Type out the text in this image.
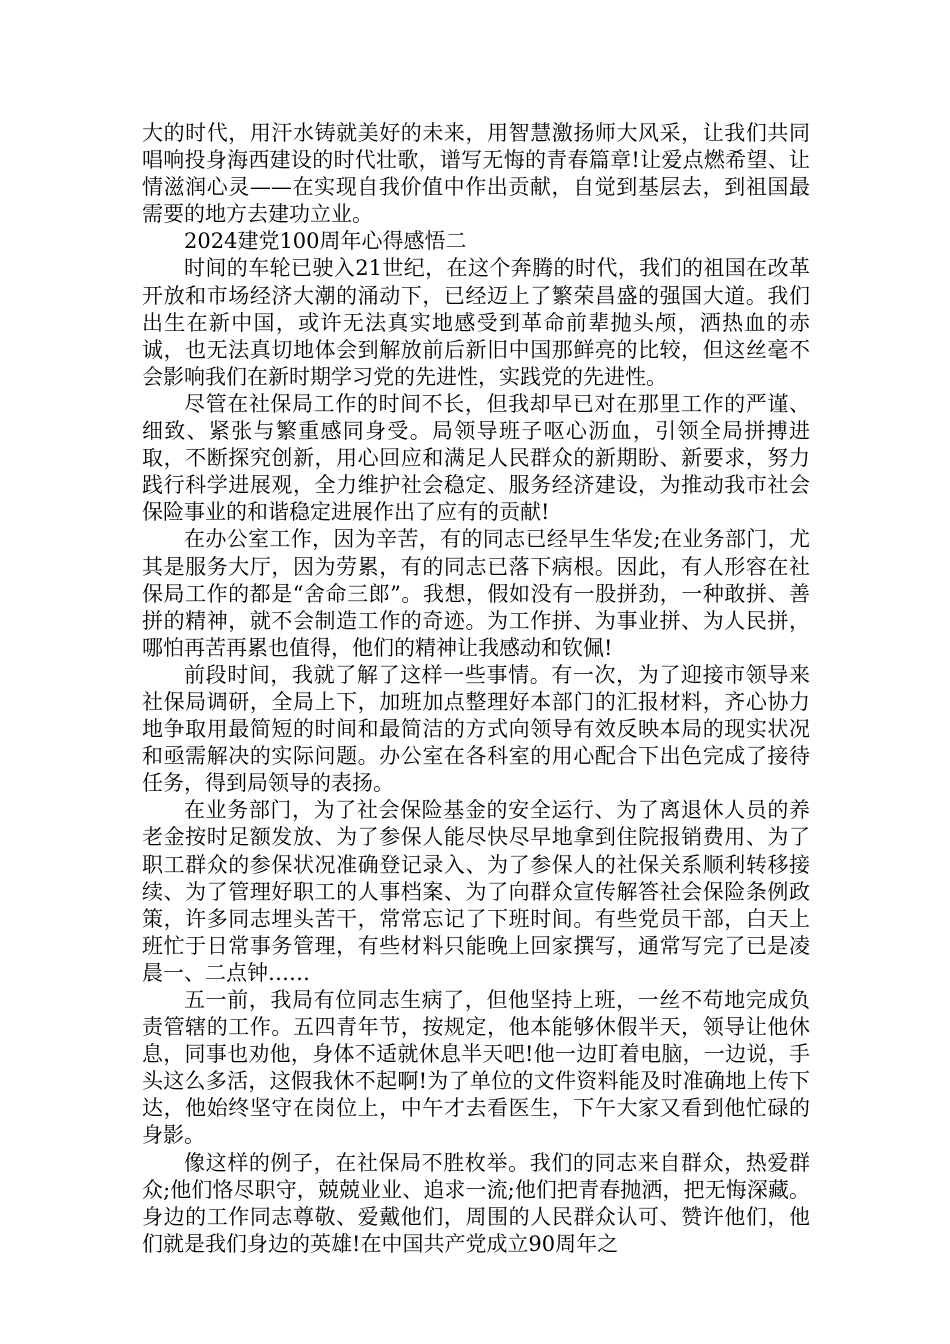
大的时代，用汗水铸就美好的未来，用智慧激扬师大风采，让我们共同唱响投身海西建设的时代壮歌，谱写无悔的青春篇章!让爱点燃希望、让情滋润心灵——在实现自我价值中作出贡献，自觉到基层去，到祖国最需要的地方去建功立业。

2024建党100周年心得感悟二

时间的车轮已驶入21世纪，在这个奔腾的时代，我们的祖国在改革开放和市场经济大潮的涌动下，已经迈上了繁荣昌盛的强国大道。我们出生在新中国，或许无法真实地感受到革命前辈抛头颅，洒热血的赤诚，也无法真切地体会到解放前后新旧中国那鲜亮的比较，但这丝毫不会影响我们在新时期学习党的先进性，实践党的先进性。

尽管在社保局工作的时间不长，但我却早已对在那里工作的严谨、细致、紧张与繁重感同身受。局领导班子呕心沥血，引领全局拼搏进取，不断探究创新，用心回应和满足人民群众的新期盼、新要求，努力践行科学进展观，全力维护社会稳定、服务经济建设，为推动我市社会保险事业的和谐稳定进展作出了应有的贡献!

在办公室工作，因为辛苦，有的同志已经早生华发;在业务部门，尤其是服务大厅，因为劳累，有的同志已落下病根。因此，有人形容在社保局工作的都是“舍命三郎”。我想，假如没有一股拼劲，一种敢拼、善拼的精神，就不会制造工作的奇迹。为工作拼、为事业拼、为人民拼，哪怕再苦再累也值得，他们的精神让我感动和钦佩!

前段时间，我就了解了这样一些事情。有一次，为了迎接市领导来社保局调研，全局上下，加班加点整理好本部门的汇报材料，齐心协力地争取用最简短的时间和最简洁的方式向领导有效反映本局的现实状况和亟需解决的实际问题。办公室在各科室的用心配合下出色完成了接待任务，得到局领导的表扬。

在业务部门，为了社会保险基金的安全运行、为了离退休人员的养老金按时足额发放、为了参保人能尽快尽早地拿到住院报销费用、为了职工群众的参保状况准确登记录入、为了参保人的社保关系顺利转移接续、为了管理好职工的人事档案、为了向群众宣传解答社会保险条例政策，许多同志埋头苦干，常常忘记了下班时间。有些党员干部，白天上班忙于日常事务管理，有些材料只能晚上回家撰写，通常写完了已是凌晨一、二点钟……

五一前，我局有位同志生病了，但他坚持上班，一丝不苟地完成负责管辖的工作。五四青年节，按规定，他本能够休假半天，领导让他休息，同事也劝他，身体不适就休息半天吧!他一边盯着电脑，一边说，手头这么多活，这假我休不起啊!为了单位的文件资料能及时准确地上传下达，他始终坚守在岗位上，中午才去看医生，下午大家又看到他忙碌的身影。

像这样的例子，在社保局不胜枚举。我们的同志来自群众，热爱群众;他们恪尽职守，兢兢业业、追求一流;他们把青春抛洒，把无悔深藏。身边的工作同志尊敬、爱戴他们，周围的人民群众认可、赞许他们，他们就是我们身边的英雄!在中国共产党成立90周年之
